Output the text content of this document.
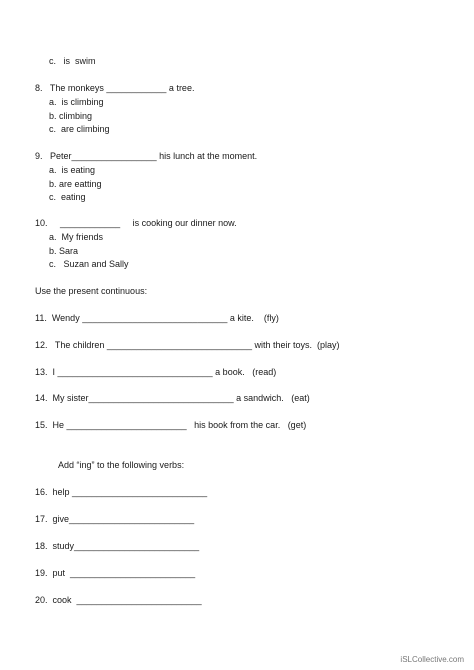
c.   is  swim
8.   The monkeys ____________ a tree.
a.  is climbing
b. climbing
c.  are climbing
9.   Peter_________________ his lunch at the moment.
a.  is eating
b. are eatting
c.  eating
10.     ____________     is cooking our dinner now.
a.  My friends
b. Sara
c.   Suzan and Sally
Use the present continuous:
11.  Wendy _____________________________ a kite.    (fly)
12.   The children _____________________________ with their toys.  (play)
13.  I _______________________________ a book.   (read)
14.  My sister_____________________________ a sandwich.   (eat)
15.  He ________________________   his book from the car.   (get)
Add “ing” to the following verbs:
16.  help ___________________________
17.  give_________________________
18.  study_________________________
19.  put  _________________________
20.  cook  _________________________
iSLCollective.com
